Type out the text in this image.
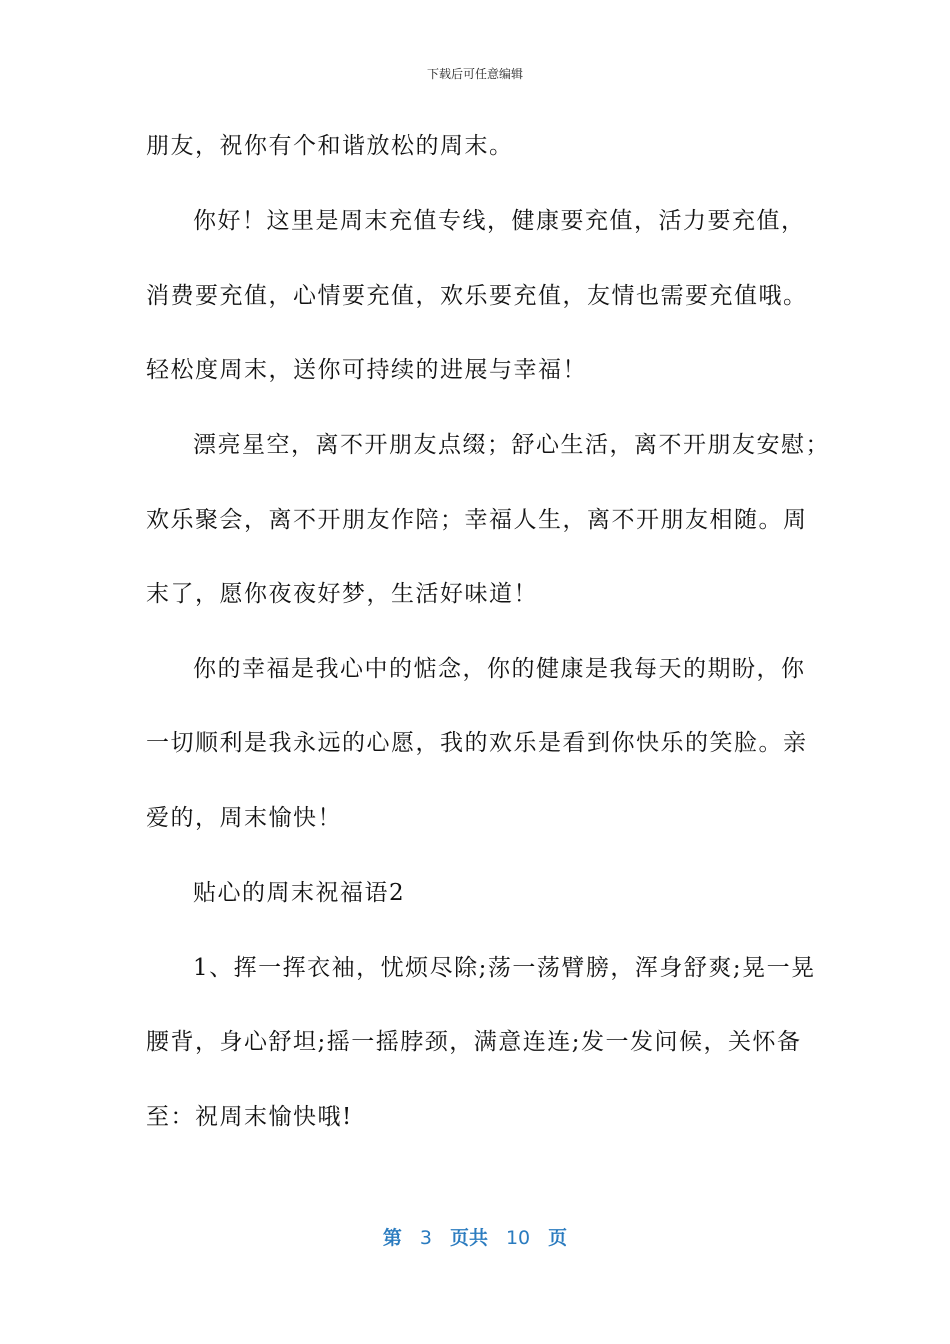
下载后可任意编辑
朋友，祝你有个和谐放松的周末。
你好！这里是周末充值专线，健康要充值，活力要充值，
消费要充值，心情要充值，欢乐要充值，友情也需要充值哦。
轻松度周末，送你可持续的进展与幸福！
漂亮星空，离不开朋友点缀；舒心生活，离不开朋友安慰；
欢乐聚会，离不开朋友作陪；幸福人生，离不开朋友相随。周
末了，愿你夜夜好梦，生活好味道！
你的幸福是我心中的惦念，你的健康是我每天的期盼，你
一切顺利是我永远的心愿，我的欢乐是看到你快乐的笑脸。亲
爱的，周末愉快！
贴心的周末祝福语2
1、挥一挥衣袖，忧烦尽除;荡一荡臂膀，浑身舒爽;晃一晃
腰背，身心舒坦;摇一摇脖颈，满意连连;发一发问候，关怀备
至：祝周末愉快哦!
第 3 页共 10 页
